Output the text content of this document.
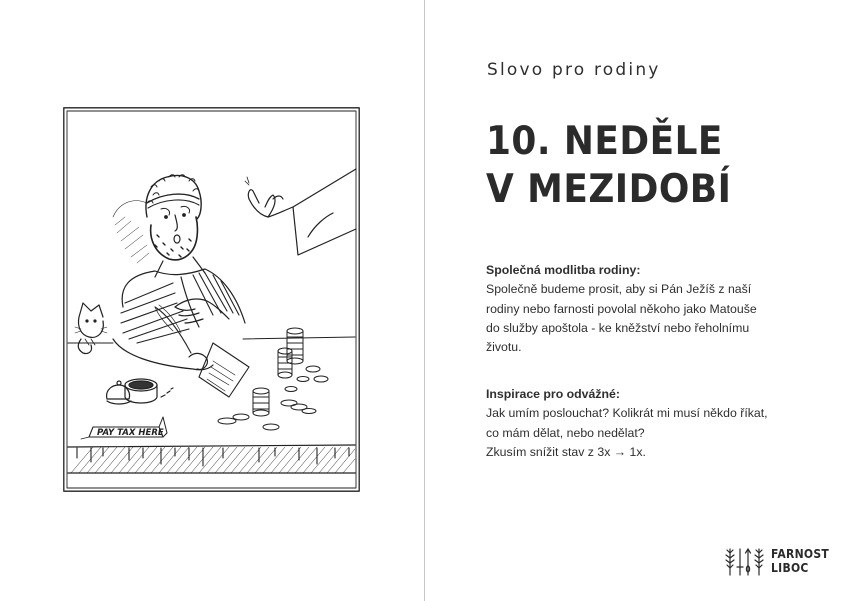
PAY TAX HERE
Slovo pro rodiny
10. NEDĚLE
V MEZIDOBÍ
Společná modlitba rodiny:
Společně budeme prosit, aby si Pán Ježíš z naší
rodiny nebo farnosti povolal někoho jako Matouše
do služby apoštola - ke kněžství nebo řeholnímu
životu.
Inspirace pro odvážné:
Jak umím poslouchat? Kolikrát mi musí někdo říkat,
co mám dělat, nebo nedělat?
Zkusím snížit stav z 3x → 1x.
FARNOST
LIBOC
